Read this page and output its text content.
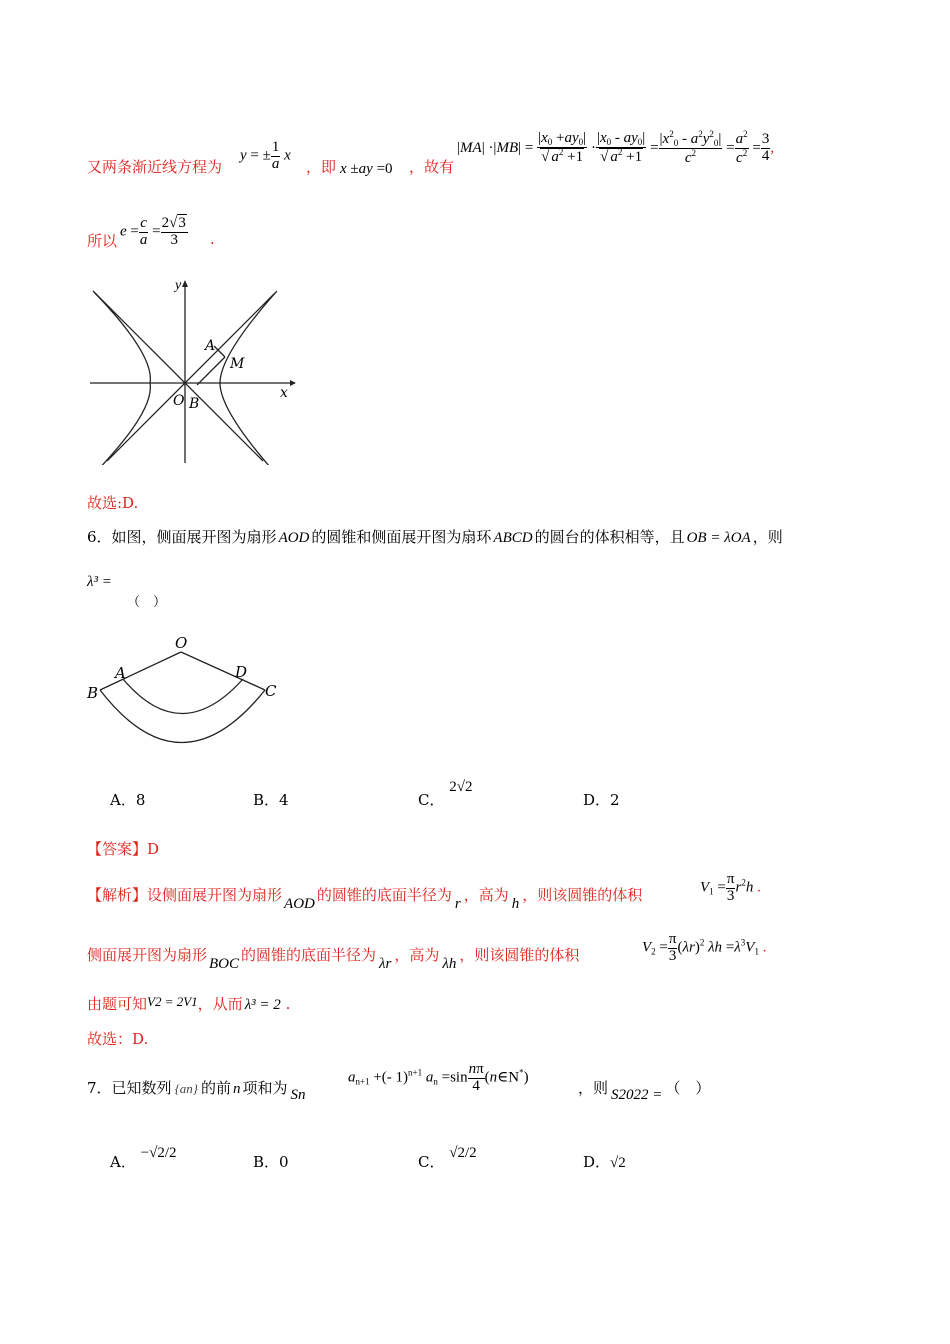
又两条渐近线方程为
y = ± $\frac{1}{a}$ x
，即 x ±ay =0 ，故有
$|MA| \cdot|MB| = \frac{|x_0 +ay_0|}{√ a^2 +1} \cdot \frac{|x_0 - ay_0|}{√ a^2 +1} = \frac{|x^2_0 - a^2y^2_0|}{c^2} = \frac{a^2}{c^2} = \frac{3}{4}$ ,
所以
$e = \frac{c}{a} = \frac{2√3}{3}$ .
y
x
O
A
M
B
故选:D.
6．如图，侧面展开图为扇形 AOD 的圆锥和侧面展开图为扇环 ABCD 的圆台的体积相等，且 OB = λOA ，则
λ³ =
（　）
O
A	D
B	C
A．8	B．4	C． 2√2
D．2
【答案】D
【解析】设侧面展开图为扇形 AOD 的圆锥的底面半径为 r ，高为 h ，则该圆锥的体积	$V_1 = \frac{\pi}{3} r^2h$ .
侧面展开图为扇形 BOC 的圆锥的底面半径为 λr ，高为 λh ，则该圆锥的体积	$V_2 = \frac{\pi}{3} (\lambda r)^2$ $\lambda h =\lambda^3V_1$ .
由题可知V2 = 2V1，从而 λ³ = 2 .
故选：D.
7．已知数列 {an} 的前 n 项和为 Sn
$a_{n+1}$ +(- 1)$^{n+1}$ $a_n =\sin \frac{n\pi}{4}$ (n∈N*)
，则 S2022 = （　）
A． −√2/2	B．0	C． √2/2	D．√2
